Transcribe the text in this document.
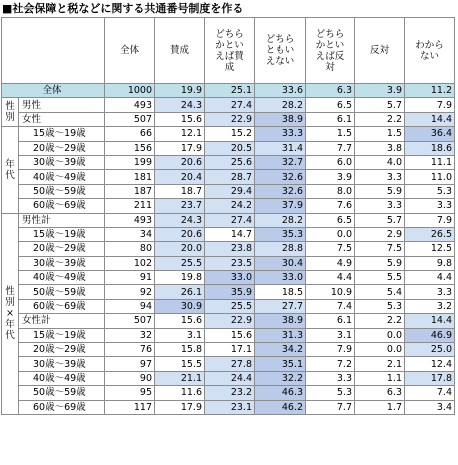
■社会保障と税などに関する共通番号制度を作る
		全体	賛成	どちら
かとい
えば賛
成	どちら
ともい
えない	どちら
かとい
えば反
対	反対	わから
ない
全体		1000	19.9	25.1	33.6	6.3	3.9	11.2
性
別	男性	493	24.3	27.4	28.2	6.5	5.7	7.9
	女性	507	15.6	22.9	38.9	6.1	2.2	14.4
年
代	15歳～19歳	66	12.1	15.2	33.3	1.5	1.5	36.4
	20歳～29歳	156	17.9	20.5	31.4	7.7	3.8	18.6
	30歳～39歳	199	20.6	25.6	32.7	6.0	4.0	11.1
	40歳～49歳	181	20.4	28.7	32.6	3.9	3.3	11.0
	50歳～59歳	187	18.7	29.4	32.6	8.0	5.9	5.3
	60歳～69歳	211	23.7	24.2	37.9	7.6	3.3	3.3
性
別
×
年
代	男性計	493	24.3	27.4	28.2	6.5	5.7	7.9
	15歳～19歳	34	20.6	14.7	35.3	0.0	2.9	26.5
	20歳～29歳	80	20.0	23.8	28.8	7.5	7.5	12.5
	30歳～39歳	102	25.5	23.5	30.4	4.9	5.9	9.8
	40歳～49歳	91	19.8	33.0	33.0	4.4	5.5	4.4
	50歳～59歳	92	26.1	35.9	18.5	10.9	5.4	3.3
	60歳～69歳	94	30.9	25.5	27.7	7.4	5.3	3.2
	女性計	507	15.6	22.9	38.9	6.1	2.2	14.4
	15歳～19歳	32	3.1	15.6	31.3	3.1	0.0	46.9
	20歳～29歳	76	15.8	17.1	34.2	7.9	0.0	25.0
	30歳～39歳	97	15.5	27.8	35.1	7.2	2.1	12.4
	40歳～49歳	90	21.1	24.4	32.2	3.3	1.1	17.8
	50歳～59歳	95	11.6	23.2	46.3	5.3	6.3	7.4
	60歳～69歳	117	17.9	23.1	46.2	7.7	1.7	3.4
